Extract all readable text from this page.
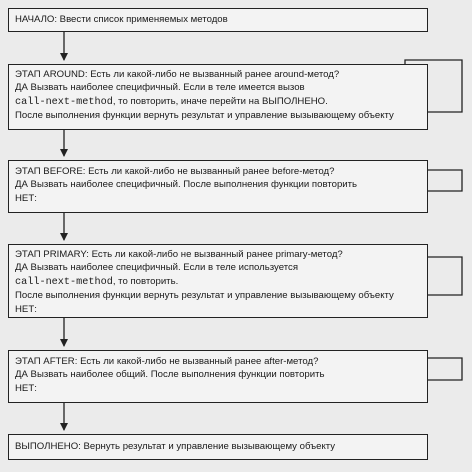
НАЧАЛО: Ввести список применяемых методов
ЭТАП AROUND: Есть ли какой-либо не вызванный ранее around-метод?
ДА Вызвать наиболее специфичный. Если в теле имеется вызов
call-next-method, то повторить, иначе перейти на ВЫПОЛНЕНО.
После выполнения функции вернуть результат и управление вызывающему объекту
ЭТАП BEFORE: Есть ли какой-либо не вызванный ранее before-метод?
ДА Вызвать наиболее специфичный. После выполнения функции повторить
НЕТ:
ЭТАП PRIMARY: Есть ли какой-либо не вызванный ранее primary-метод?
ДА Вызвать наиболее специфичный. Если в теле используется
call-next-method, то повторить.
После выполнения функции вернуть результат и управление вызывающему объекту
НЕТ:
ЭТАП AFTER: Есть ли какой-либо не вызванный ранее after-метод?
ДА Вызвать наиболее общий. После выполнения функции повторить
НЕТ:
ВЫПОЛНЕНО: Вернуть результат и управление вызывающему объекту
